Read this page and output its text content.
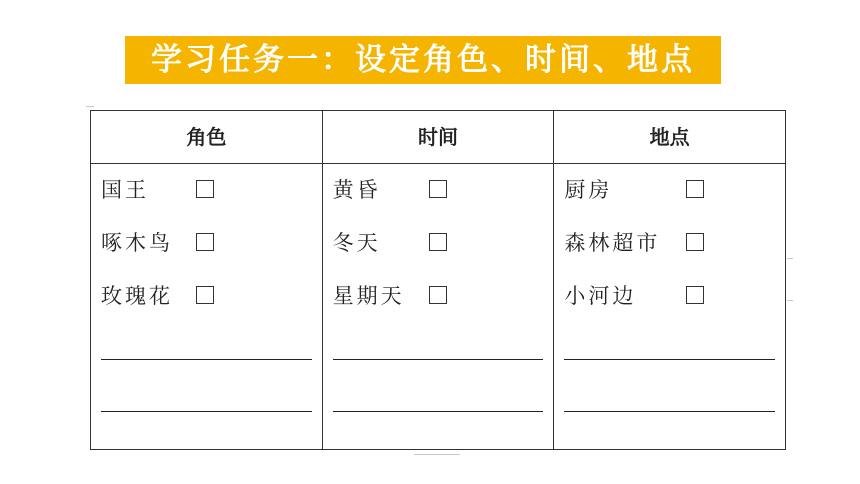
学习任务一：设定角色、时间、地点
角色
国王
啄木鸟
玫瑰花
时间
黄昏
冬天
星期天
地点
厨房
森林超市
小河边
